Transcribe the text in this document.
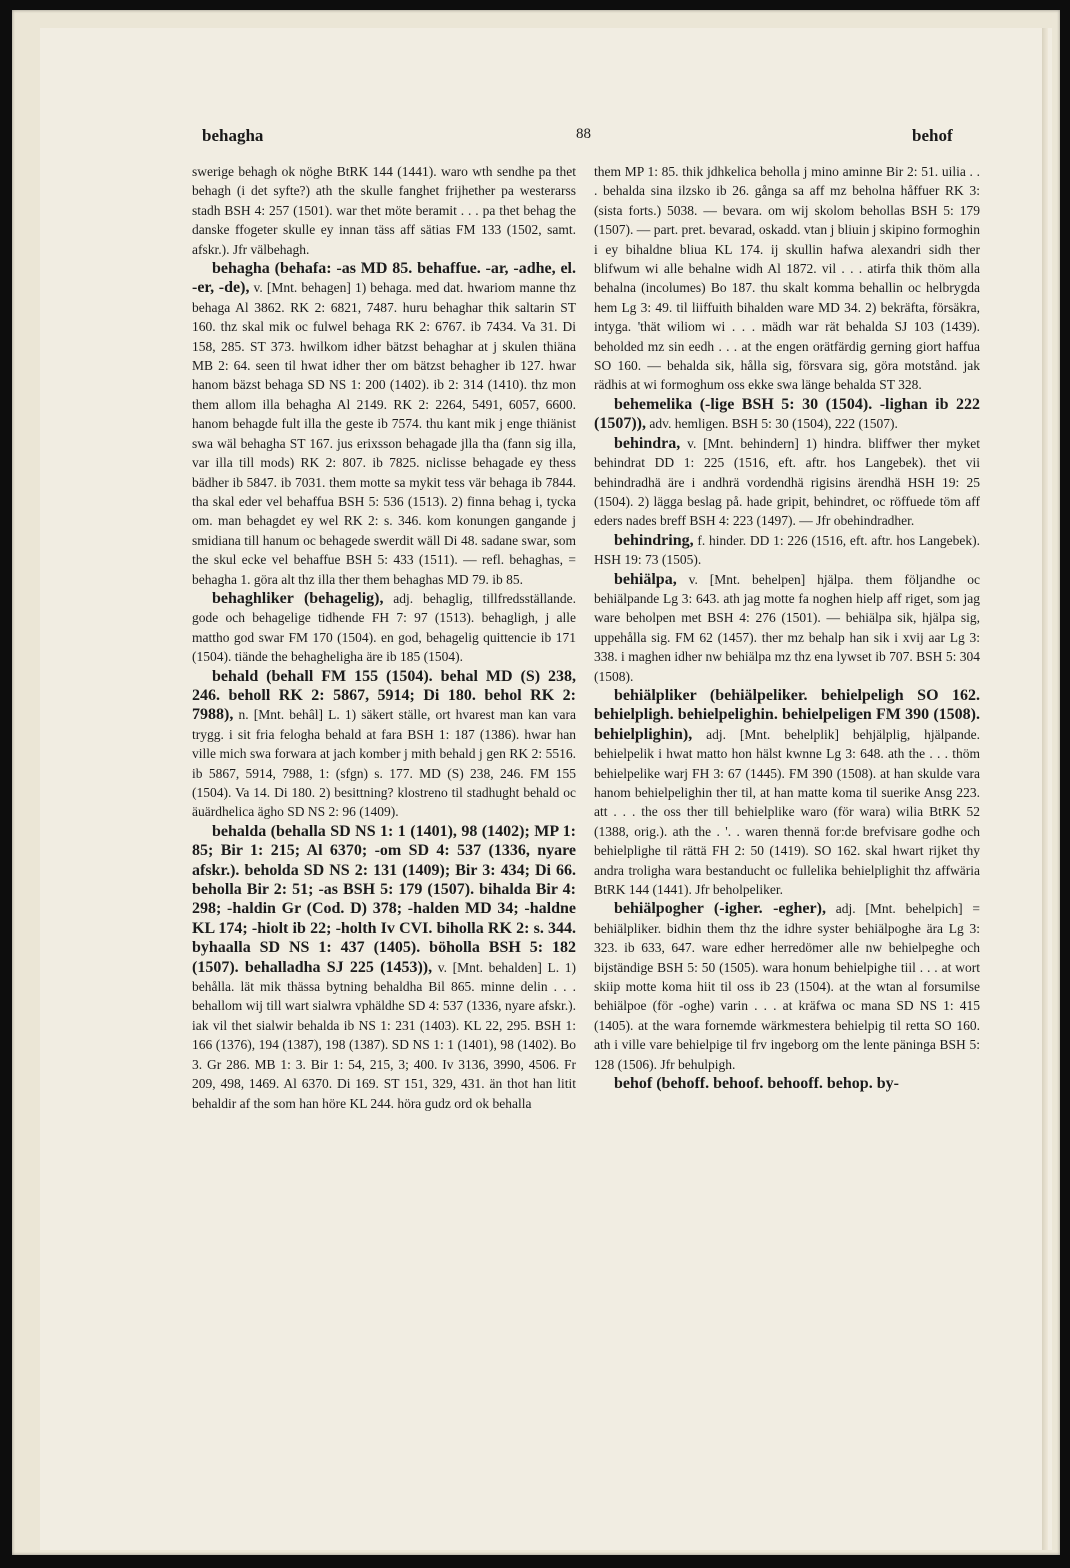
behagha	88	behof

swerige behagh ok nöghe BtRK 144 (1441). waro wth sendhe pa thet behagh (i det syfte?) ath the skulle fanghet frijhether pa westerarss stadh BSH 4: 257 (1501). war thet möte beramit . . . pa thet behag the danske ffogeter skulle ey innan täss aff sätias FM 133 (1502, samt. afskr.). Jfr välbehagh.

behagha (behafa: -as MD 85. behaffue. -ar, -adhe, el. -er, -de), v. [Mnt. behagen] 1) behaga. med dat. hwariom manne thz behaga Al 3862. RK 2: 6821, 7487. huru behaghar thik saltarin ST 160. thz skal mik oc fulwel behaga RK 2: 6767. ib 7434. Va 31. Di 158, 285. ST 373. hwilkom idher bätzst behaghar at j skulen thiäna MB 2: 64. seen til hwat idher ther om bätzst behagher ib 127. hwar hanom bäzst behaga SD NS 1: 200 (1402). ib 2: 314 (1410). thz mon them allom illa behagha Al 2149. RK 2: 2264, 5491, 6057, 6600. hanom behagde fult illa the geste ib 7574. thu kant mik j enge thiänist swa wäl behagha ST 167. jus erixsson behagade jlla tha (fann sig illa, var illa till mods) RK 2: 807. ib 7825. niclisse behagade ey thess bädher ib 5847. ib 7031. them motte sa mykit tess vär behaga ib 7844. tha skal eder vel behaffua BSH 5: 536 (1513). 2) finna behag i, tycka om. man behagdet ey wel RK 2: s. 346. kom konungen gangande j smidiana till hanum oc behagede swerdit wäll Di 48. sadane swar, som the skul ecke vel behaffue BSH 5: 433 (1511). — refl. behaghas, = behagha 1. göra alt thz illa ther them behaghas MD 79. ib 85.

behaghliker (behagelig), adj. behaglig, tillfredsställande. gode och behagelige tidhende FH 7: 97 (1513). behagligh, j alle mattho god swar FM 170 (1504). en god, behagelig quittencie ib 171 (1504). tiände the behagheligha äre ib 185 (1504).

behald (behall FM 155 (1504). behal MD (S) 238, 246. beholl RK 2: 5867, 5914; Di 180. behol RK 2: 7988), n. [Mnt. behâl] L. 1) säkert ställe, ort hvarest man kan vara trygg. i sit fria felogha behald at fara BSH 1: 187 (1386). hwar han ville mich swa forwara at jach komber j mith behald j gen RK 2: 5516. ib 5867, 5914, 7988, 1: (sfgn) s. 177. MD (S) 238, 246. FM 155 (1504). Va 14. Di 180. 2) besittning? klostreno til stadhught behald oc äuärdhelica ägho SD NS 2: 96 (1409).

behalda (behalla SD NS 1: 1 (1401), 98 (1402); MP 1: 85; Bir 1: 215; Al 6370; -om SD 4: 537 (1336, nyare afskr.). beholda SD NS 2: 131 (1409); Bir 3: 434; Di 66. beholla Bir 2: 51; -as BSH 5: 179 (1507). bihalda Bir 4: 298; -haldin Gr (Cod. D) 378; -halden MD 34; -haldne KL 174; -hiolt ib 22; -holth Iv CVI. biholla RK 2: s. 344. byhaalla SD NS 1: 437 (1405). böholla BSH 5: 182 (1507). behalladha SJ 225 (1453)), v. [Mnt. behalden] L. 1) behålla. lät mik thässa bytning behaldha Bil 865. minne delin . . . behallom wij till wart sialwra vphäldhe SD 4: 537 (1336, nyare afskr.). iak vil thet sialwir behalda ib NS 1: 231 (1403). KL 22, 295. BSH 1: 166 (1376), 194 (1387), 198 (1387). SD NS 1: 1 (1401), 98 (1402). Bo 3. Gr 286. MB 1: 3. Bir 1: 54, 215, 3; 400. Iv 3136, 3990, 4506. Fr 209, 498, 1469. Al 6370. Di 169. ST 151, 329, 431. än thot han litit behaldir af the som han höre KL 244. höra gudz ord ok behalla

them MP 1: 85. thik jdhkelica beholla j mino aminne Bir 2: 51. uilia . . . behalda sina ilzsko ib 26. gånga sa aff mz beholna håffuer RK 3: (sista forts.) 5038. — bevara. om wij skolom behollas BSH 5: 179 (1507). — part. pret. bevarad, oskadd. vtan j bliuin j skipino formoghin i ey bihaldne bliua KL 174. ij skullin hafwa alexandri sidh ther blifwum wi alle behalne widh Al 1872. vil . . . atirfa thik thöm alla behalna (incolumes) Bo 187. thu skalt komma behallin oc helbrygda hem Lg 3: 49. til liiffuith bihalden ware MD 34. 2) bekräfta, försäkra, intyga. 'thät wiliom wi . . . mädh war rät behalda SJ 103 (1439). beholded mz sin eedh . . . at the engen orätfärdig gerning giort haffua SO 160. — behalda sik, hålla sig, försvara sig, göra motstånd. jak rädhis at wi formoghum oss ekke swa länge behalda ST 328.

behemelika (-lige BSH 5: 30 (1504). -lighan ib 222 (1507)), adv. hemligen. BSH 5: 30 (1504), 222 (1507).

behindra, v. [Mnt. behindern] 1) hindra. bliffwer ther myket behindrat DD 1: 225 (1516, eft. aftr. hos Langebek). thet vii behindradhä äre i andhrä vordendhä rigisins ärendhä HSH 19: 25 (1504). 2) lägga beslag på. hade gripit, behindret, oc röffuede töm aff eders nades breff BSH 4: 223 (1497). — Jfr obehindradher.

behindring, f. hinder. DD 1: 226 (1516, eft. aftr. hos Langebek). HSH 19: 73 (1505).

behiälpa, v. [Mnt. behelpen] hjälpa. them följandhe oc behiälpande Lg 3: 643. ath jag motte fa noghen hielp aff riget, som jag ware beholpen met BSH 4: 276 (1501). — behiälpa sik, hjälpa sig, uppehålla sig. FM 62 (1457). ther mz behalp han sik i xvij aar Lg 3: 338. i maghen idher nw behiälpa mz thz ena lywset ib 707. BSH 5: 304 (1508).

behiälpliker (behiälpeliker. behielpeligh SO 162. behielpligh. behielpelighin. behielpeligen FM 390 (1508). behielplighin), adj. [Mnt. behelplik] behjälplig, hjälpande. behielpelik i hwat matto hon hälst kwnne Lg 3: 648. ath the . . . thöm behielpelike warj FH 3: 67 (1445). FM 390 (1508). at han skulde vara hanom behielpelighin ther til, at han matte koma til suerike Ansg 223. att . . . the oss ther till behielplike waro (för wara) wilia BtRK 52 (1388, orig.). ath the . '. . waren thennä for:de brefvisare godhe och behielplighe til rättä FH 2: 50 (1419). SO 162. skal hwart rijket thy andra trolighа wara bestanducht oc fullelika behielplighit thz affwäria BtRK 144 (1441). Jfr beholpeliker.

behiälpogher (-igher. -egher), adj. [Mnt. behelpich] = behiälpliker. bidhin them thz the idhre syster behiälpoghe ära Lg 3: 323. ib 633, 647. ware edher herredömer alle nw behielpeghe och bijständige BSH 5: 50 (1505). wara honum behielpighe tiil . . . at wort skiip motte koma hiit til oss ib 23 (1504). at the wtan al forsumilse behiälpoe (för -oghe) varin . . . at kräfwa oc mana SD NS 1: 415 (1405). at the wara fornemde wärkmestera behielpig til retta SO 160. ath i ville vare behielpige til frv ingeborg om the lente päninga BSH 5: 128 (1506). Jfr behulpigh.

behof (behoff. behoof. behooff. behop. by-
